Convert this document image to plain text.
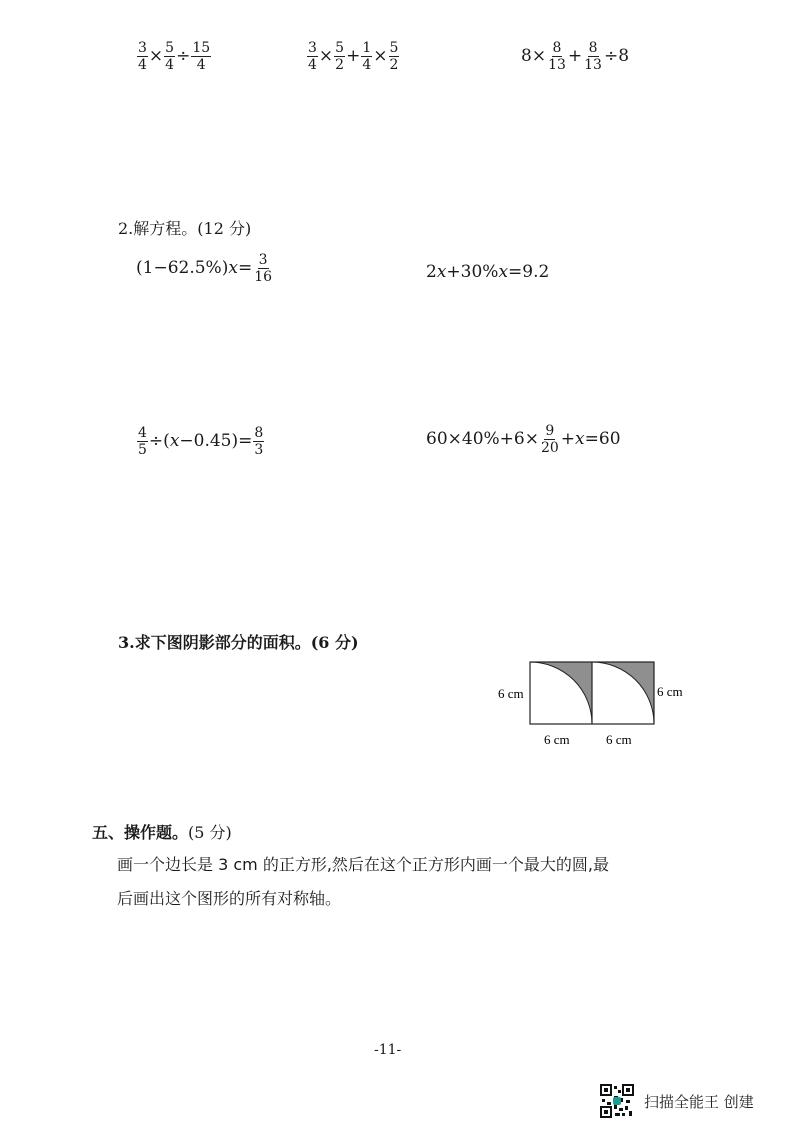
$\frac{3}{4} \times \frac{5}{4} \div \frac{15}{4}$	$\frac{3}{4} \times \frac{5}{2} + \frac{1}{4} \times \frac{5}{2}$	$8\times \frac{8}{13} + \frac{8}{13} \div 8$
2.解方程。(12 分)
(1−62.5%) $x = \frac{3}{16}$	2 x +30% x =9.2
$\frac{4}{5}$ ÷( $x -0.45)= \frac{8}{3}$	$60\times 40\%+6\times \frac{9}{20} + x =60$
3.求下图阴影部分的面积。(6 分)
6 cm	6 cm
6 cm	6 cm
五、操作题。(5 分)
画一个边长是 3 cm 的正方形,然后在这个正方形内画一个最大的圆,最
后画出这个图形的所有对称轴。
-11-
扫描全能王 创建
